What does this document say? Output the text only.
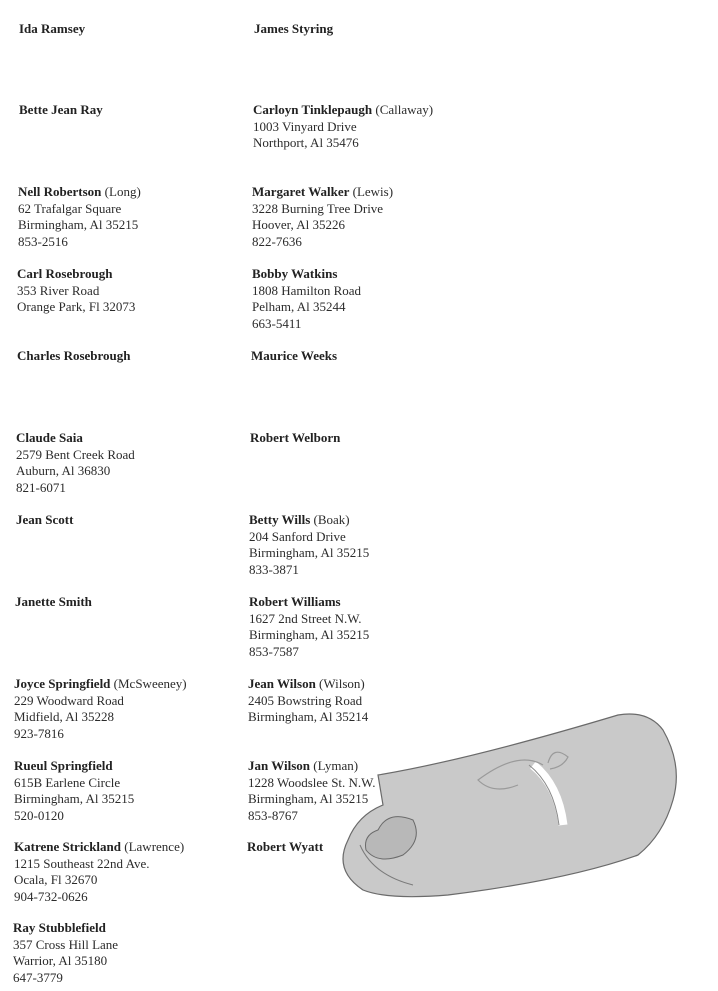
Ida Ramsey
Bette Jean Ray
Nell Robertson (Long)
62 Trafalgar Square
Birmingham, Al 35215
853-2516
Carl Rosebrough
353 River Road
Orange Park, Fl 32073
Charles Rosebrough
Claude Saia
2579 Bent Creek Road
Auburn, Al 36830
821-6071
Jean Scott
Janette Smith
Joyce Springfield (McSweeney)
229 Woodward Road
Midfield, Al 35228
923-7816
Rueul Springfield
615B Earlene Circle
Birmingham, Al 35215
520-0120
Katrene Strickland (Lawrence)
1215 Southeast 22nd Ave.
Ocala, Fl 32670
904-732-0626
Ray Stubblefield
357 Cross Hill Lane
Warrior, Al 35180
647-3779
James Styring
Carloyn Tinklepaugh (Callaway)
1003 Vinyard Drive
Northport, Al 35476
Margaret Walker (Lewis)
3228 Burning Tree Drive
Hoover, Al 35226
822-7636
Bobby Watkins
1808 Hamilton Road
Pelham, Al 35244
663-5411
Maurice Weeks
Robert Welborn
Betty Wills (Boak)
204 Sanford Drive
Birmingham, Al 35215
833-3871
Robert Williams
1627 2nd Street N.W.
Birmingham, Al 35215
853-7587
Jean Wilson (Wilson)
2405 Bowstring Road
Birmingham, Al 35214
Jan Wilson (Lyman)
1228 Woodslee St. N.W.
Birmingham, Al 35215
853-8767
Robert Wyatt
